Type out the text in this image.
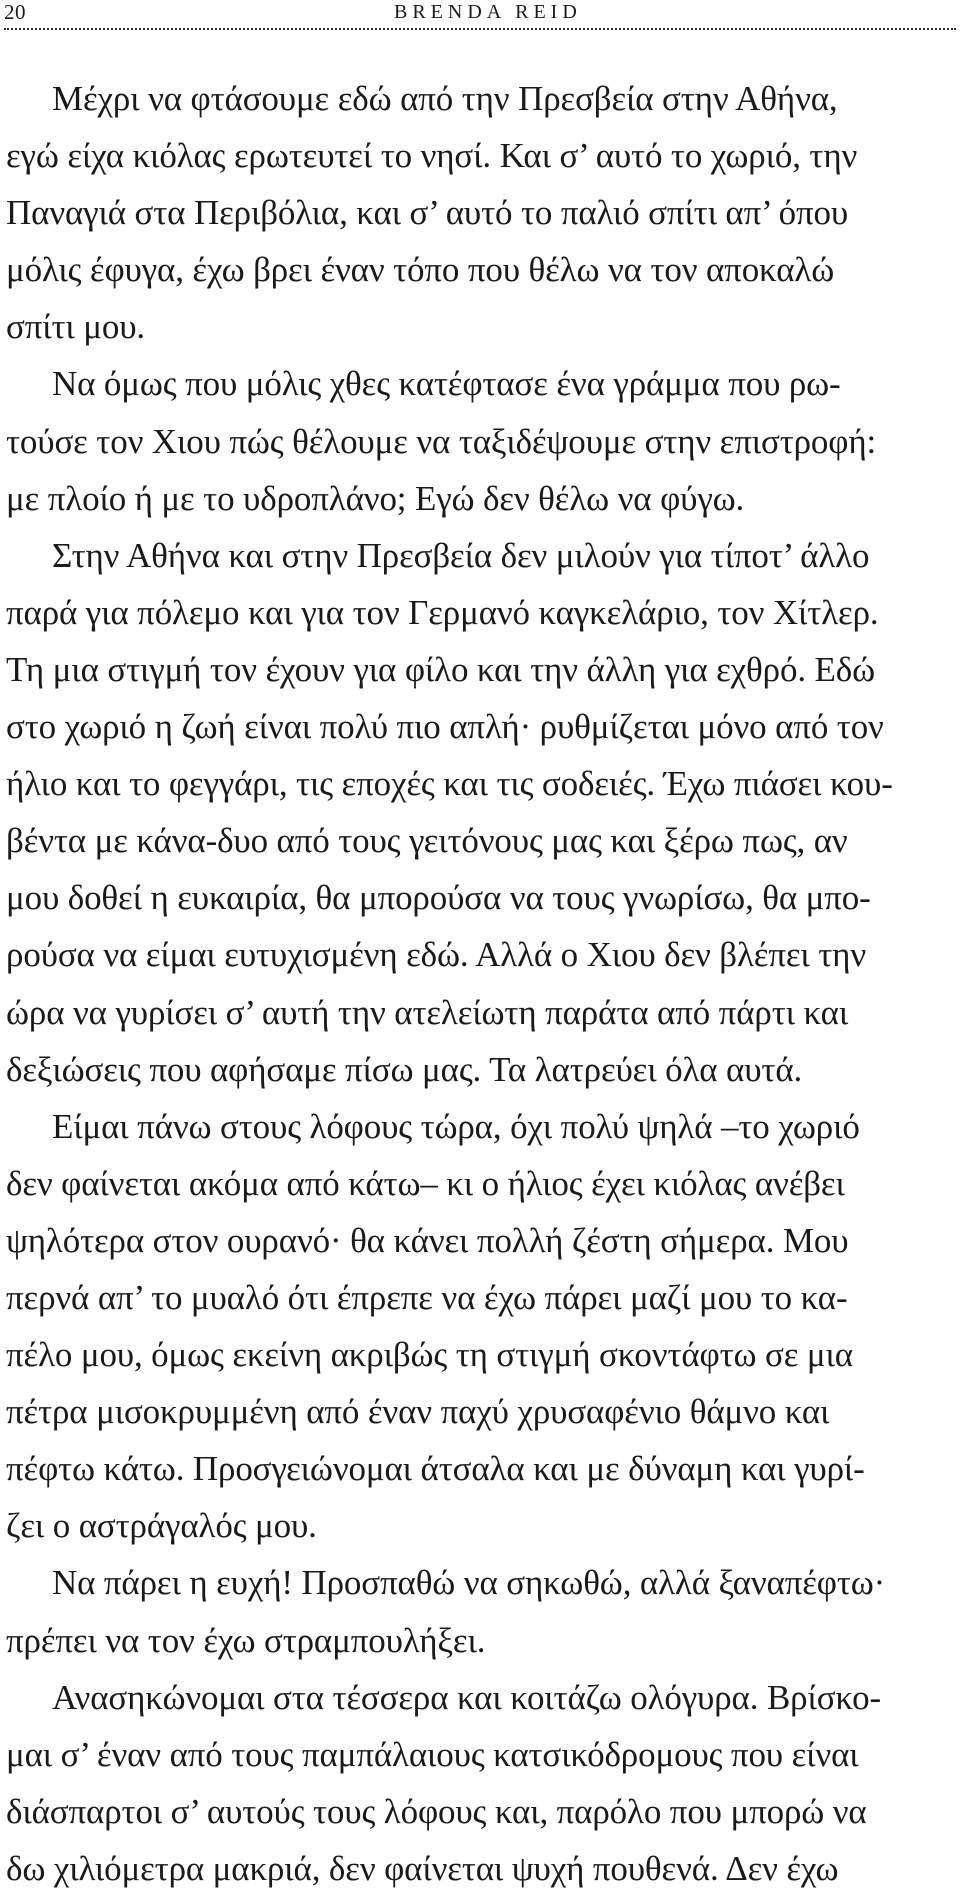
20	BRENDA REID
Μέχρι να φτάσουμε εδώ από την Πρεσβεία στην Αθήνα,
εγώ είχα κιόλας ερωτευτεί το νησί. Και σ’ αυτό το χωριό, την
Παναγιά στα Περιβόλια, και σ’ αυτό το παλιό σπίτι απ’ όπου
μόλις έφυγα, έχω βρει έναν τόπο που θέλω να τον αποκαλώ
σπίτι μου.
Να όμως που μόλις χθες κατέφτασε ένα γράμμα που ρω-
τούσε τον Χιου πώς θέλουμε να ταξιδέψουμε στην επιστροφή:
με πλοίο ή με το υδροπλάνο; Εγώ δεν θέλω να φύγω.
Στην Αθήνα και στην Πρεσβεία δεν μιλούν για τίποτ’ άλλο
παρά για πόλεμο και για τον Γερμανό καγκελάριο, τον Χίτλερ.
Τη μια στιγμή τον έχουν για φίλο και την άλλη για εχθρό. Εδώ
στο χωριό η ζωή είναι πολύ πιο απλή· ρυθμίζεται μόνο από τον
ήλιο και το φεγγάρι, τις εποχές και τις σοδειές. Έχω πιάσει κου-
βέντα με κάνα-δυο από τους γειτόνους μας και ξέρω πως, αν
μου δοθεί η ευκαιρία, θα μπορούσα να τους γνωρίσω, θα μπο-
ρούσα να είμαι ευτυχισμένη εδώ. Αλλά ο Χιου δεν βλέπει την
ώρα να γυρίσει σ’ αυτή την ατελείωτη παράτα από πάρτι και
δεξιώσεις που αφήσαμε πίσω μας. Τα λατρεύει όλα αυτά.
Είμαι πάνω στους λόφους τώρα, όχι πολύ ψηλά –το χωριό
δεν φαίνεται ακόμα από κάτω– κι ο ήλιος έχει κιόλας ανέβει
ψηλότερα στον ουρανό· θα κάνει πολλή ζέστη σήμερα. Μου
περνά απ’ το μυαλό ότι έπρεπε να έχω πάρει μαζί μου το κα-
πέλο μου, όμως εκείνη ακριβώς τη στιγμή σκοντάφτω σε μια
πέτρα μισοκρυμμένη από έναν παχύ χρυσαφένιο θάμνο και
πέφτω κάτω. Προσγειώνομαι άτσαλα και με δύναμη και γυρί-
ζει ο αστράγαλός μου.
Να πάρει η ευχή! Προσπαθώ να σηκωθώ, αλλά ξαναπέφτω·
πρέπει να τον έχω στραμπουλήξει.
Ανασηκώνομαι στα τέσσερα και κοιτάζω ολόγυρα. Βρίσκο-
μαι σ’ έναν από τους παμπάλαιους κατσικόδρομους που είναι
διάσπαρτοι σ’ αυτούς τους λόφους και, παρόλο που μπορώ να
δω χιλιόμετρα μακριά, δεν φαίνεται ψυχή πουθενά. Δεν έχω
